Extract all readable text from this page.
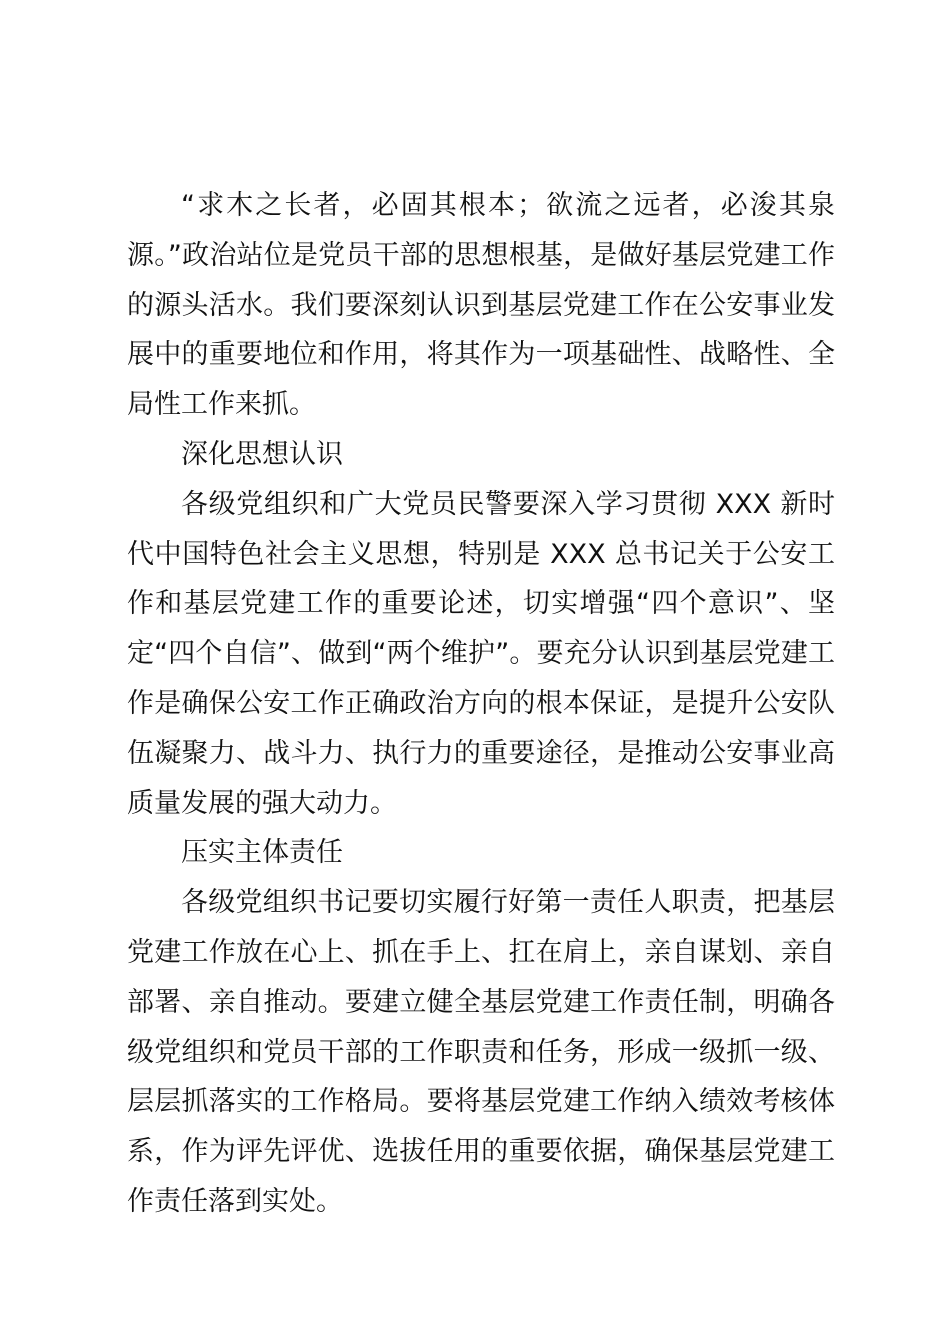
“求木之长者，必固其根本；欲流之远者，必浚其泉源。”政治站位是党员干部的思想根基，是做好基层党建工作的源头活水。我们要深刻认识到基层党建工作在公安事业发展中的重要地位和作用，将其作为一项基础性、战略性、全局性工作来抓。

深化思想认识

各级党组织和广大党员民警要深入学习贯彻 XXX 新时代中国特色社会主义思想，特别是 XXX 总书记关于公安工作和基层党建工作的重要论述，切实增强“四个意识”、坚定“四个自信”、做到“两个维护”。要充分认识到基层党建工作是确保公安工作正确政治方向的根本保证，是提升公安队伍凝聚力、战斗力、执行力的重要途径，是推动公安事业高质量发展的强大动力。

压实主体责任

各级党组织书记要切实履行好第一责任人职责，把基层党建工作放在心上、抓在手上、扛在肩上，亲自谋划、亲自部署、亲自推动。要建立健全基层党建工作责任制，明确各级党组织和党员干部的工作职责和任务，形成一级抓一级、层层抓落实的工作格局。要将基层党建工作纳入绩效考核体系，作为评先评优、选拔任用的重要依据，确保基层党建工作责任落到实处。
